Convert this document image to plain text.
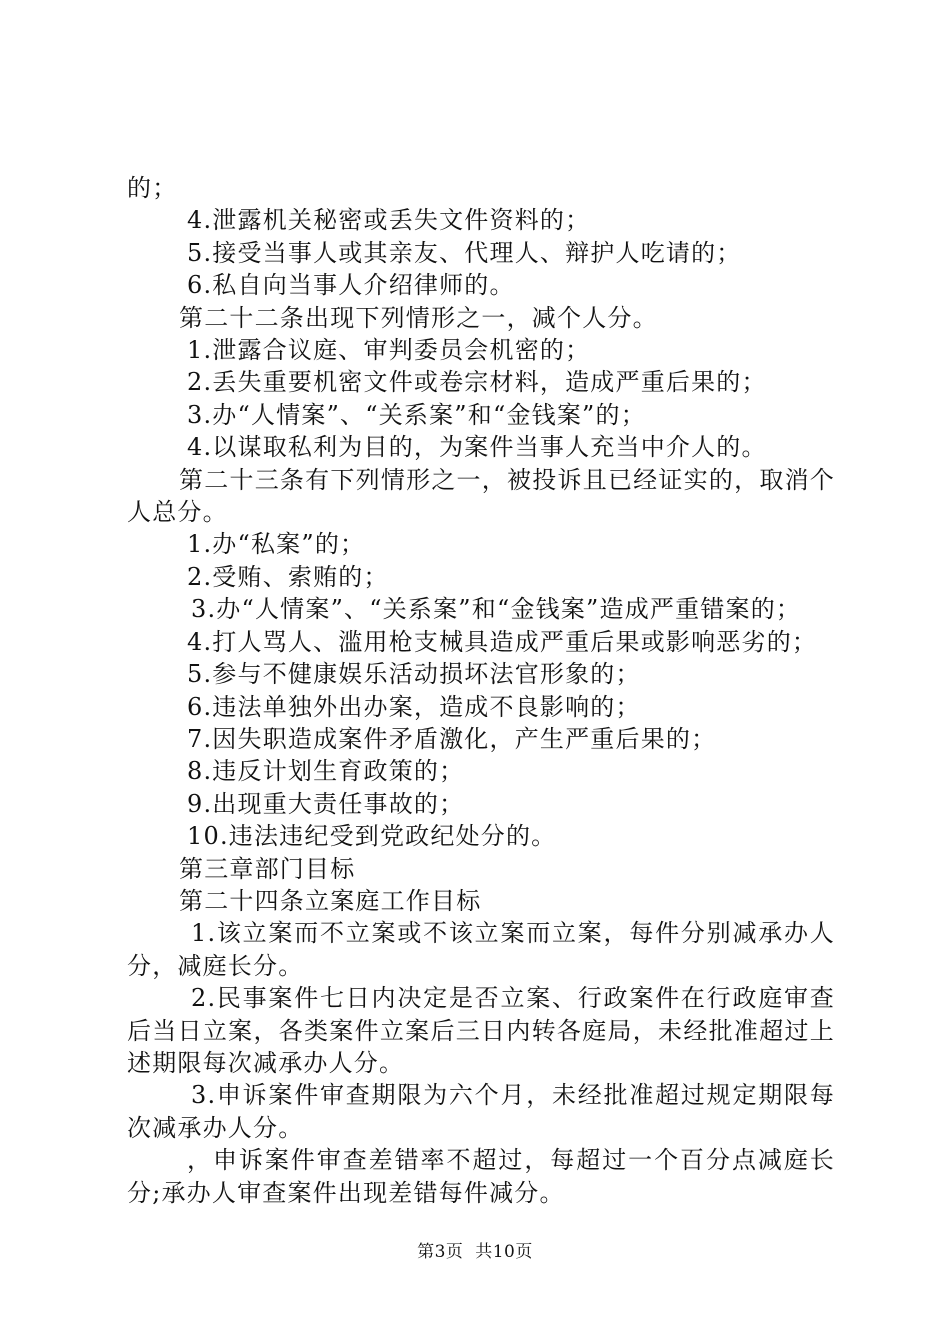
的；

4.泄露机关秘密或丢失文件资料的；

5.接受当事人或其亲友、代理人、辩护人吃请的；

6.私自向当事人介绍律师的。

第二十二条出现下列情形之一，减个人分。

1.泄露合议庭、审判委员会机密的；

2.丢失重要机密文件或卷宗材料，造成严重后果的；

3.办“人情案”、“关系案”和“金钱案”的；

4.以谋取私利为目的，为案件当事人充当中介人的。

第二十三条有下列情形之一，被投诉且已经证实的，取消个人总分。

1.办“私案”的；

2.受贿、索贿的；

3.办“人情案”、“关系案”和“金钱案”造成严重错案的；

4.打人骂人、滥用枪支械具造成严重后果或影响恶劣的；

5.参与不健康娱乐活动损坏法官形象的；

6.违法单独外出办案，造成不良影响的；

7.因失职造成案件矛盾激化，产生严重后果的；

8.违反计划生育政策的；

9.出现重大责任事故的；

10.违法违纪受到党政纪处分的。

第三章部门目标

第二十四条立案庭工作目标

1.该立案而不立案或不该立案而立案，每件分别减承办人分，减庭长分。

2.民事案件七日内决定是否立案、行政案件在行政庭审查后当日立案，各类案件立案后三日内转各庭局，未经批准超过上述期限每次减承办人分。

3.申诉案件审查期限为六个月，未经批准超过规定期限每次减承办人分。

，申诉案件审查差错率不超过，每超过一个百分点减庭长分;承办人审查案件出现差错每件减分。

第3页  共10页
